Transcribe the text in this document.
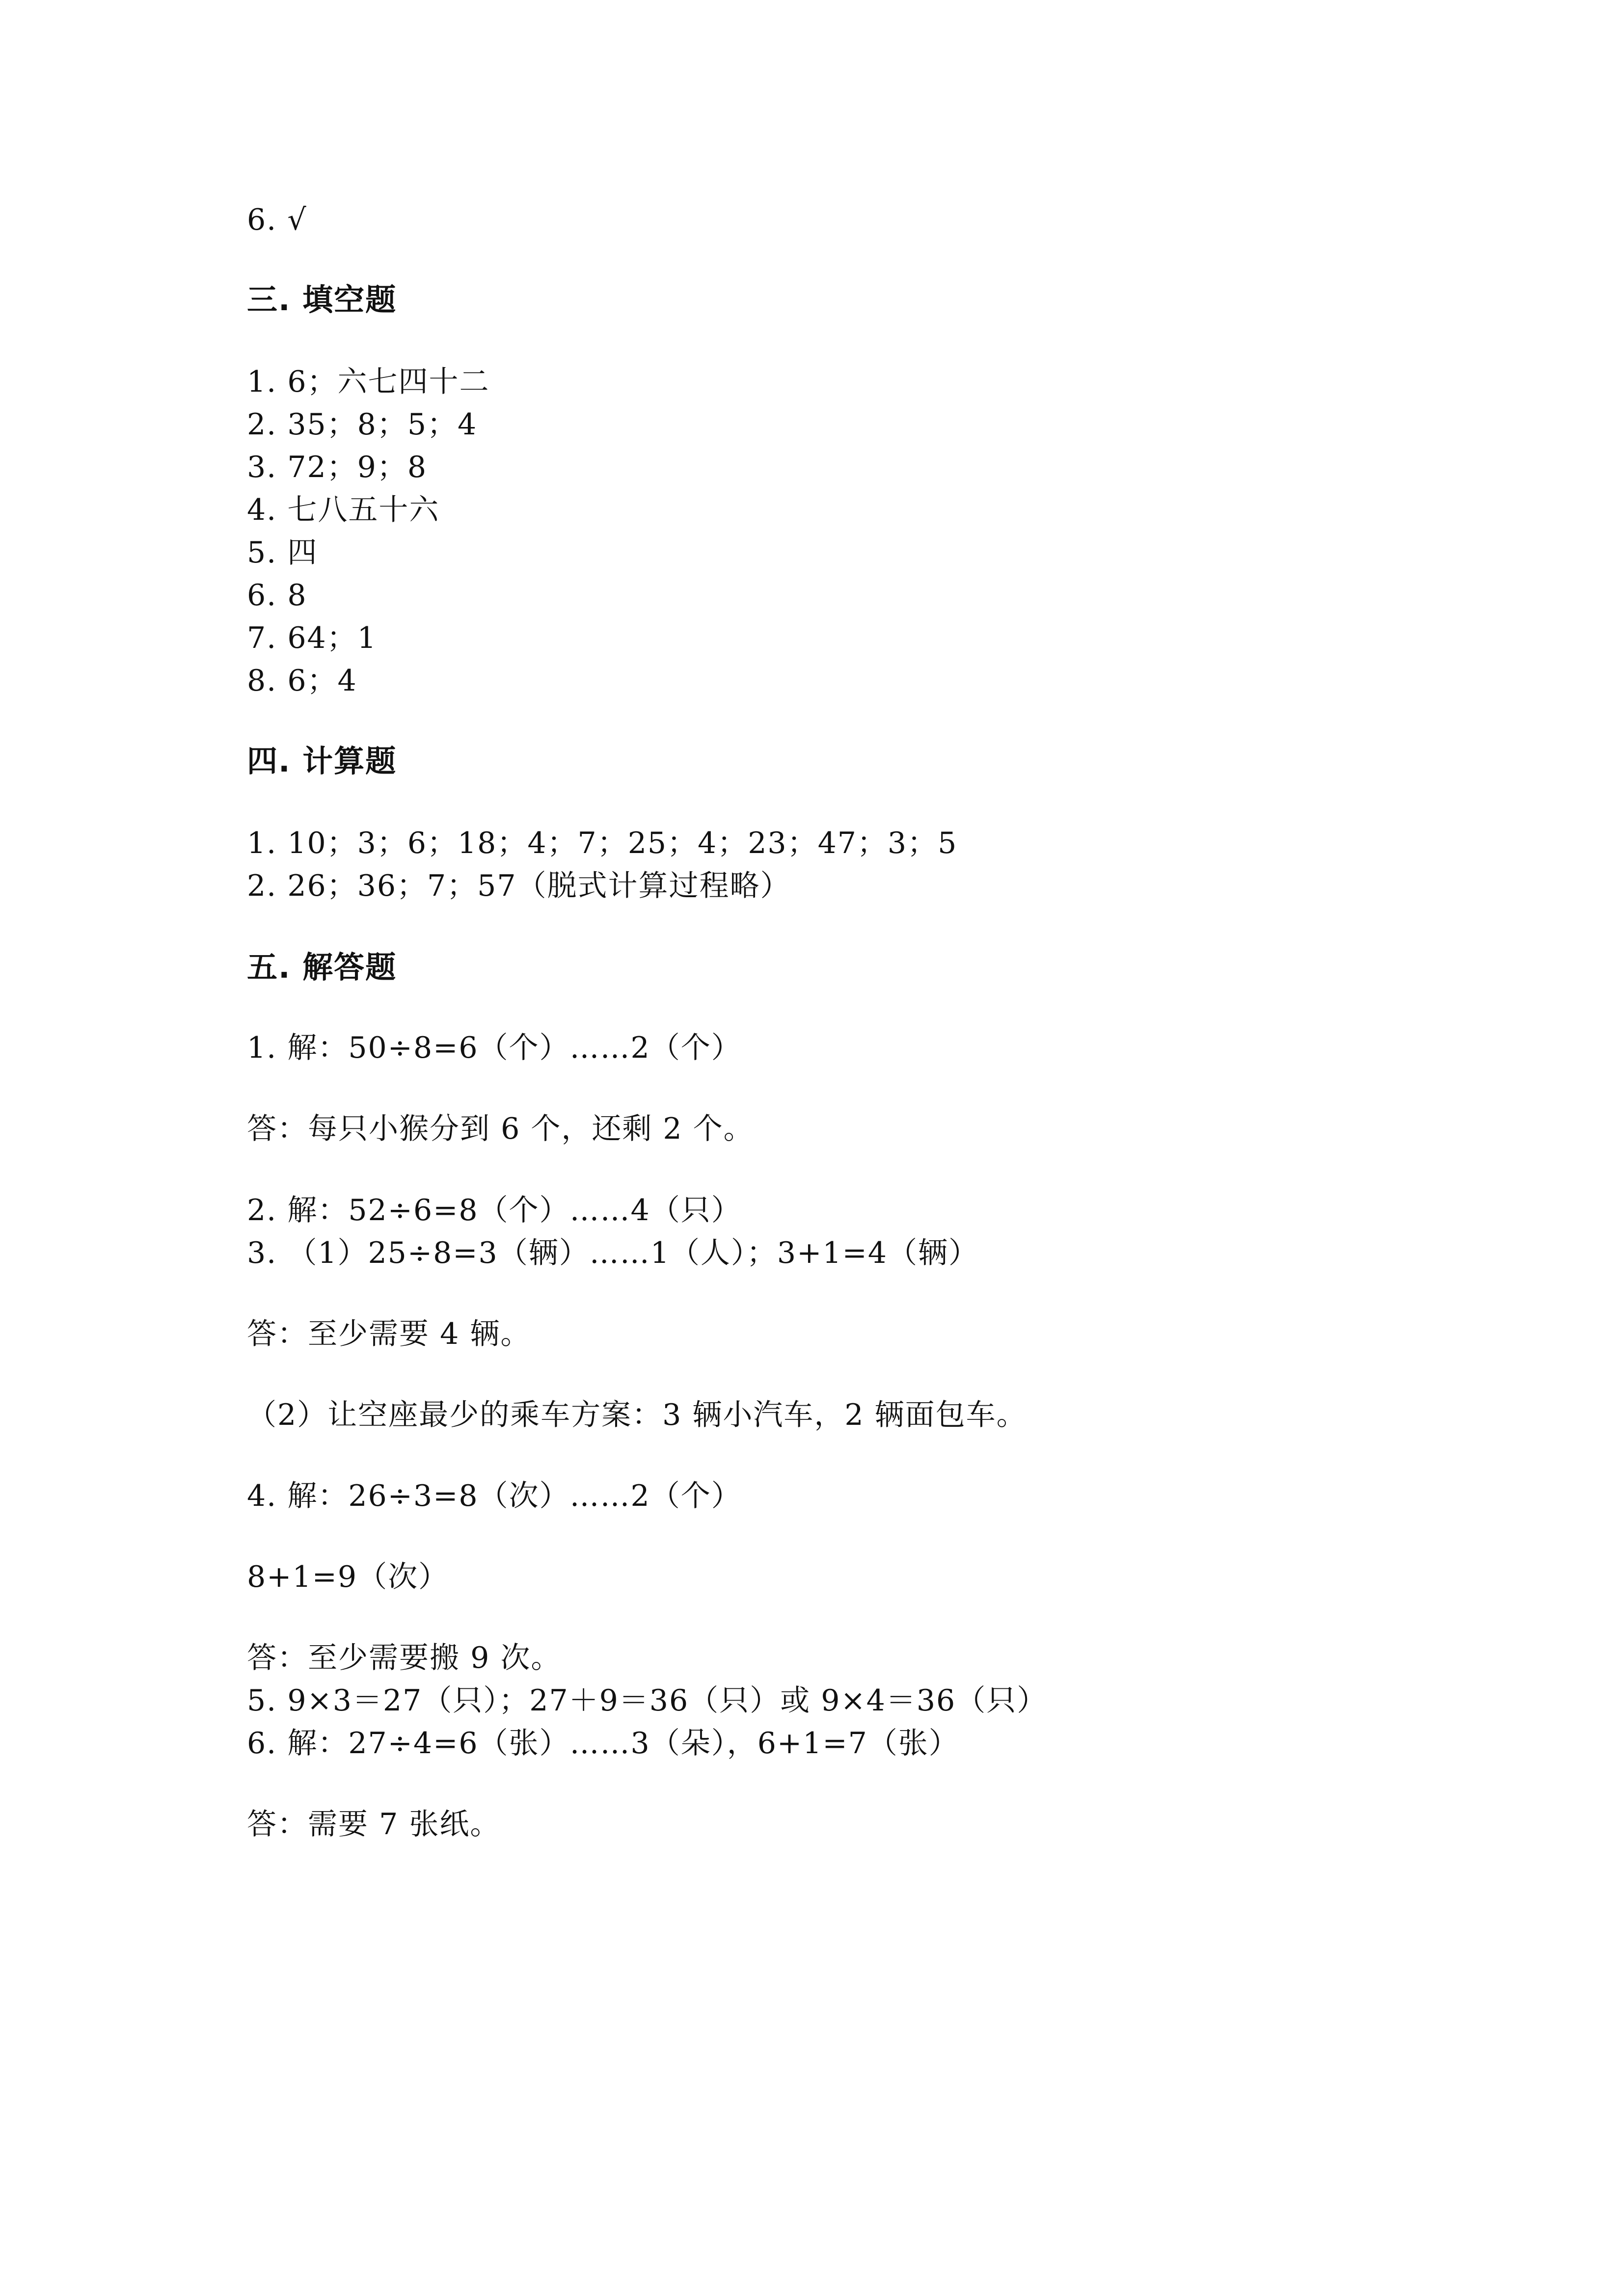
6. √
三. 填空题
1. 6；六七四十二
2. 35；8；5；4
3. 72；9；8
4. 七八五十六
5. 四
6. 8
7. 64；1
8. 6；4
四. 计算题
1. 10；3；6；18；4；7；25；4；23；47；3；5
2. 26；36；7；57（脱式计算过程略）
五. 解答题
1. 解：50÷8=6（个）……2（个）
答：每只小猴分到 6 个，还剩 2 个。
2. 解：52÷6=8（个）……4（只）
3. （1）25÷8=3（辆）……1（人）；3+1=4（辆）
答：至少需要 4 辆。
（2）让空座最少的乘车方案：3 辆小汽车，2 辆面包车。
4. 解：26÷3=8（次）……2（个）
8+1=9（次）
答：至少需要搬 9 次。
5. 9×3＝27（只）；27＋9＝36（只）或 9×4＝36（只）
6. 解：27÷4=6（张）……3（朵），6+1=7（张）
答：需要 7 张纸。
